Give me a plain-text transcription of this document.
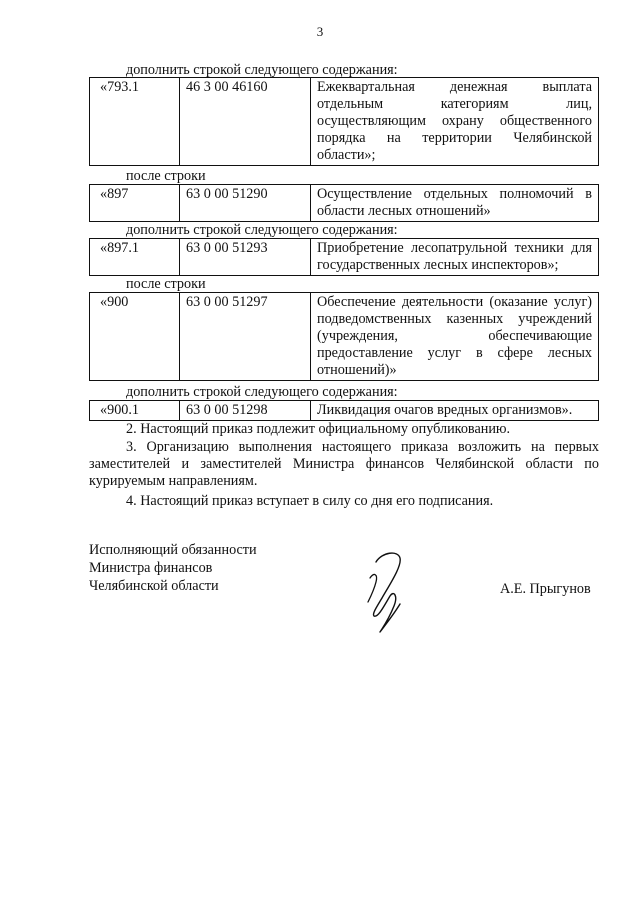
3
дополнить строкой следующего содержания:
«793.1	46 3 00 46160	Ежеквартальная денежная выплата отдельным категориям лиц, осуществляющим охрану общественного порядка на территории Челябинской области»;
после строки
«897	63 0 00 51290	Осуществление отдельных полномочий в области лесных отношений»
дополнить строкой следующего содержания:
«897.1	63 0 00 51293	Приобретение лесопатрульной техники для государственных лесных инспекторов»;
после строки
«900	63 0 00 51297	Обеспечение деятельности (оказание услуг) подведомственных казенных учреждений (учреждения, обеспечивающие предоставление услуг в сфере лесных отношений)»
дополнить строкой следующего содержания:
«900.1	63 0 00 51298	Ликвидация очагов вредных организмов».
2. Настоящий приказ подлежит официальному опубликованию.
3. Организацию выполнения настоящего приказа возложить на первых заместителей и заместителей Министра финансов Челябинской области по курируемым направлениям.
4. Настоящий приказ вступает в силу со дня его подписания.
Исполняющий обязанности
Министра финансов
Челябинской области	А.Е. Прыгунов
